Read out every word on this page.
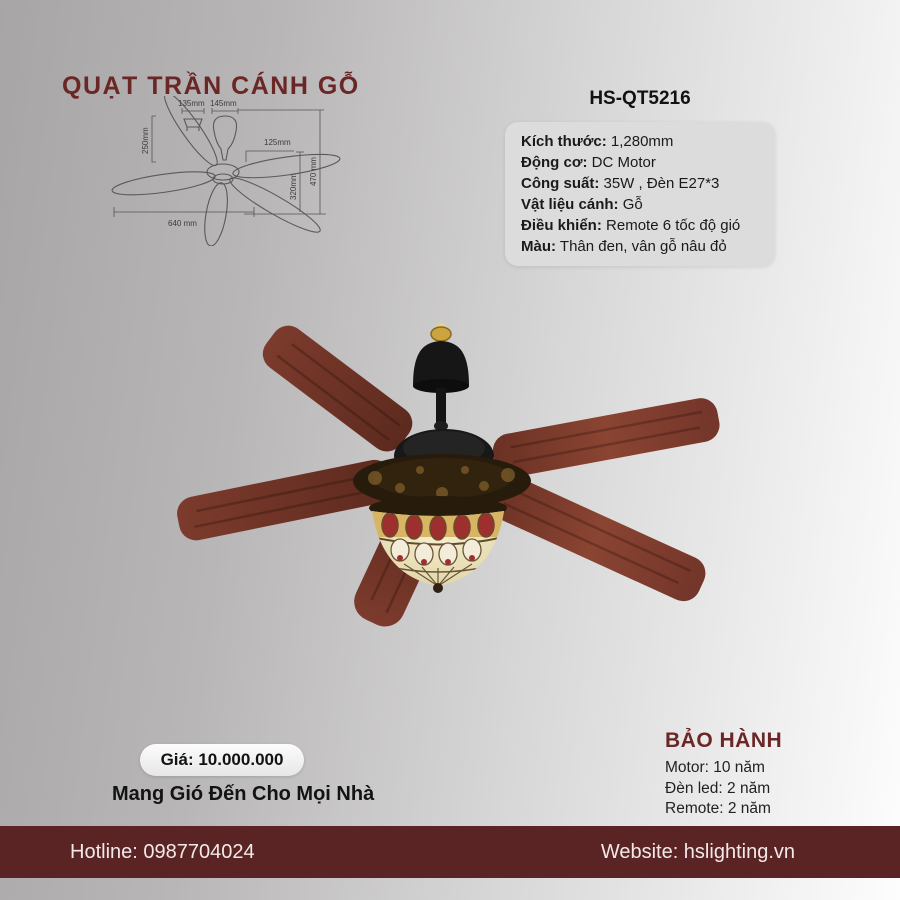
QUẠT TRẦN CÁNH GỖ	HS-QT5216
135mm 145mm
125mm
250mm
640 mm
320mm
470 mm
Kích thước: 1,280mm
Động cơ: DC Motor
Công suất: 35W , Đèn E27*3
Vật liệu cánh: Gỗ
Điều khiển: Remote 6 tốc độ gió
Màu: Thân đen, vân gỗ nâu đỏ
Giá: 10.000.000
Mang Gió Đến Cho Mọi Nhà
BẢO HÀNH
Motor: 10 năm
Đèn led: 2 năm
Remote: 2 năm
Hotline: 0987704024	Website: hslighting.vn
